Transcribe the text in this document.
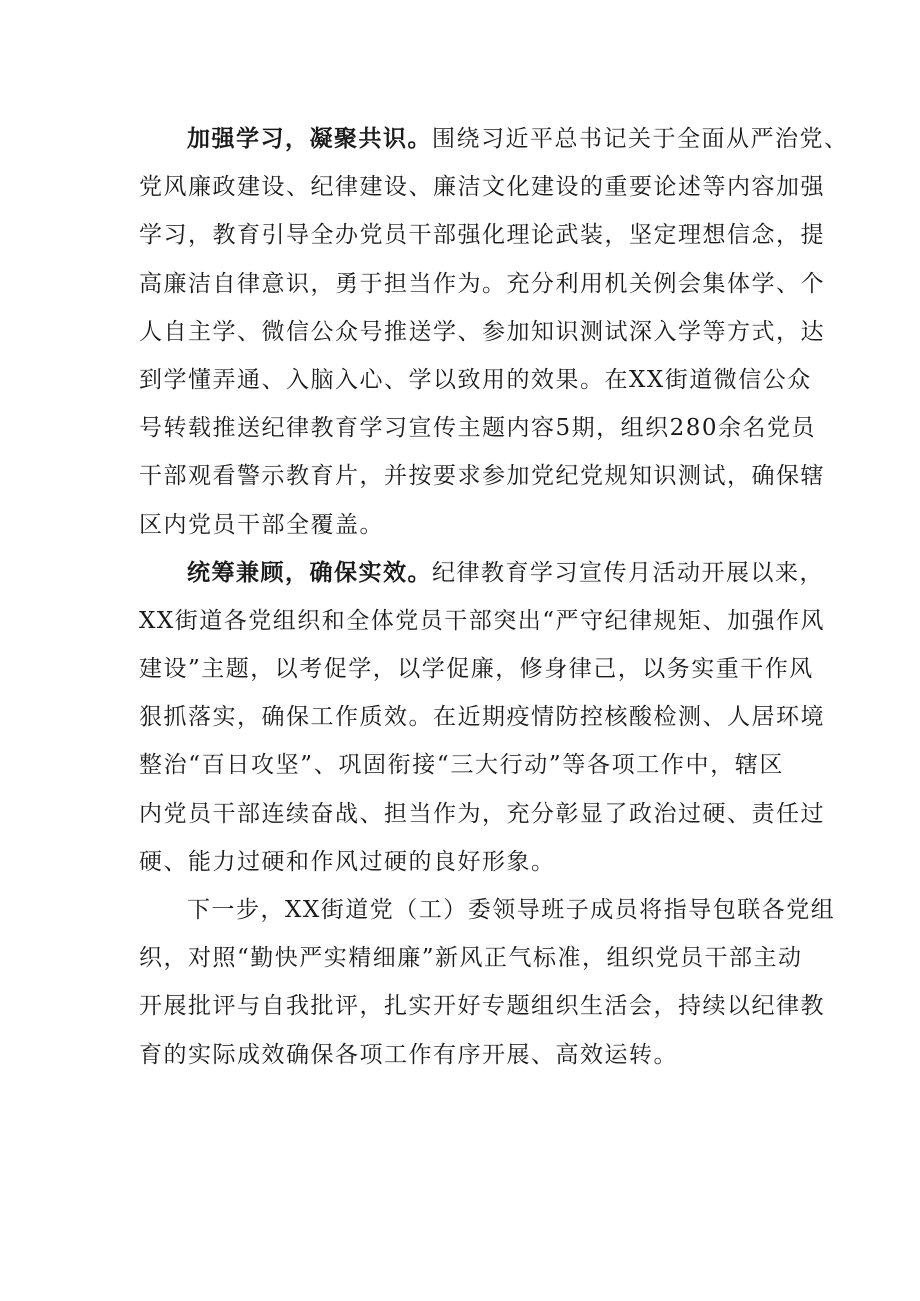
加强学习，凝聚共识。 围绕习近平总书记关于全面从严治党、
党风廉政建设、纪律建设、廉洁文化建设的重要论述等内容加强
学习，教育引导全办党员干部强化理论武装，坚定理想信念，提
高廉洁自律意识，勇于担当作为。充分利用机关例会集体学、个
人自主学、微信公众号推送学、参加知识测试深入学等方式，达
到学懂弄通、入脑入心、学以致用的效果。在XX街道微信公众
号转载推送纪律教育学习宣传主题内容5期，组织280余名党员
干部观看警示教育片，并按要求参加党纪党规知识测试，确保辖
区内党员干部全覆盖。
统筹兼顾，确保实效。 纪律教育学习宣传月活动开展以来，
XX街道各党组织和全体党员干部突出“严守纪律规矩、加强作风
建设”主题，以考促学，以学促廉，修身律己，以务实重干作风
狠抓落实，确保工作质效。在近期疫情防控核酸检测、人居环境
整治“百日攻坚”、巩固衔接“三大行动”等各项工作中，辖区
内党员干部连续奋战、担当作为，充分彰显了政治过硬、责任过
硬、能力过硬和作风过硬的良好形象。
下一步，XX街道党（工）委领导班子成员将指导包联各党组
织，对照“勤快严实精细廉”新风正气标准，组织党员干部主动
开展批评与自我批评，扎实开好专题组织生活会，持续以纪律教
育的实际成效确保各项工作有序开展、高效运转。
